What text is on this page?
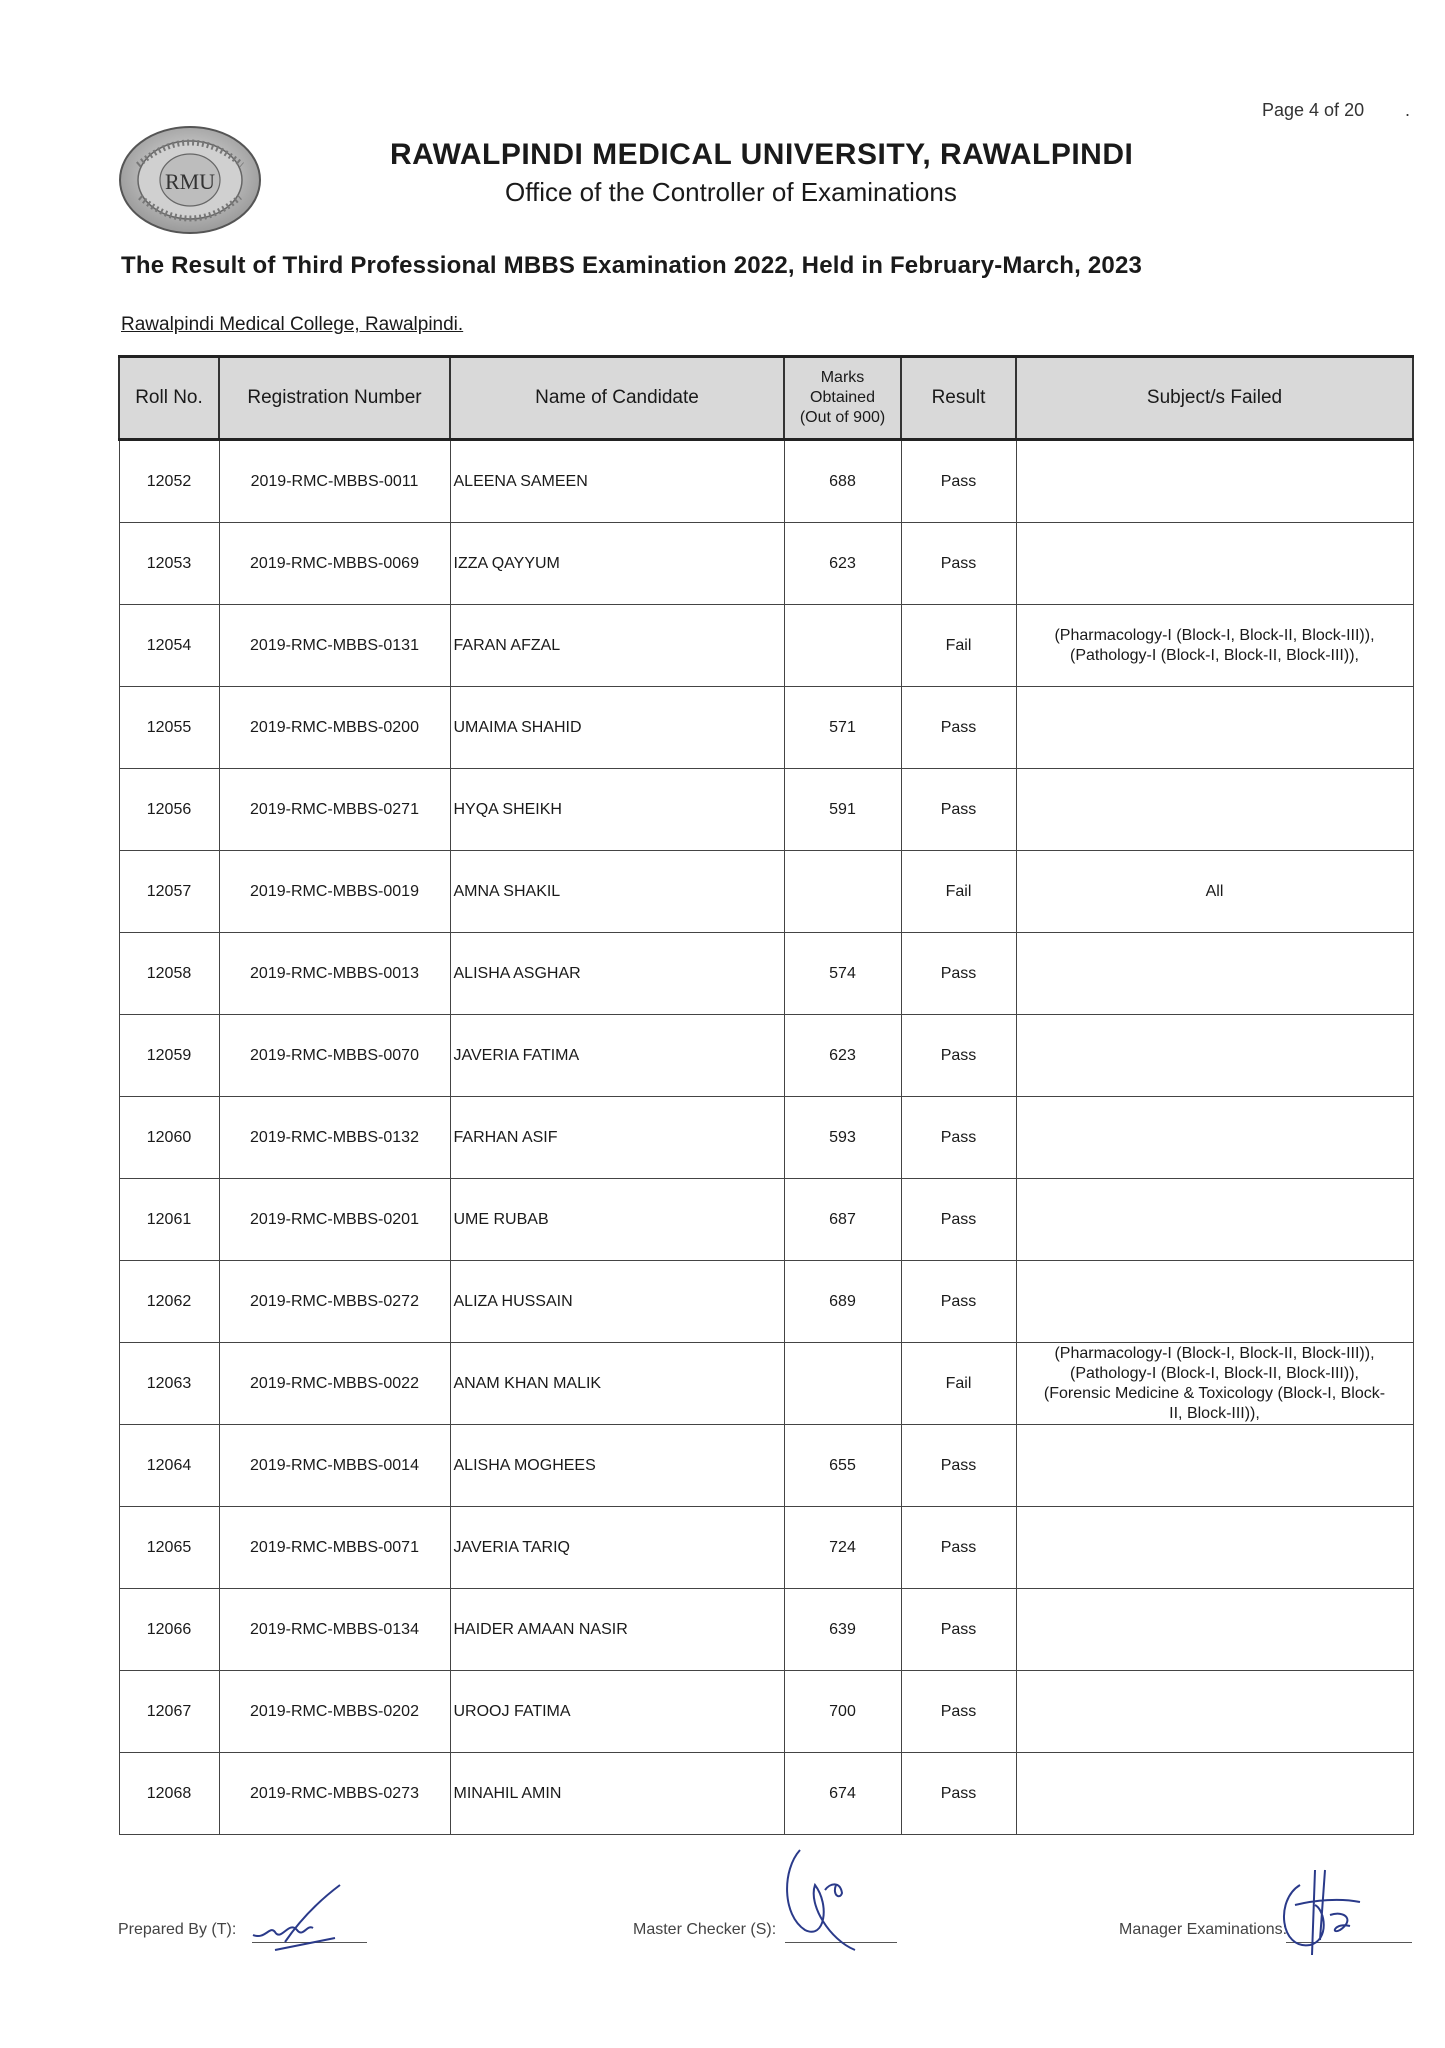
Page 4 of 20 .
RMU
RAWALPINDI MEDICAL UNIVERSITY, RAWALPINDI
Office of the Controller of Examinations
The Result of Third Professional MBBS Examination 2022, Held in February-March, 2023
Rawalpindi Medical College, Rawalpindi.
Roll No.	Registration Number	Name of Candidate	Marks
Obtained
(Out of 900)	Result	Subject/s Failed
12052	2019-RMC-MBBS-0011	ALEENA SAMEEN	688	Pass	

12053	2019-RMC-MBBS-0069	IZZA QAYYUM	623	Pass	

12054	2019-RMC-MBBS-0131	FARAN AFZAL		Fail	(Pharmacology-I (Block-I, Block-II, Block-III)),
(Pathology-I (Block-I, Block-II, Block-III)),

12055	2019-RMC-MBBS-0200	UMAIMA SHAHID	571	Pass	

12056	2019-RMC-MBBS-0271	HYQA SHEIKH	591	Pass	

12057	2019-RMC-MBBS-0019	AMNA SHAKIL		Fail	All

12058	2019-RMC-MBBS-0013	ALISHA ASGHAR	574	Pass	

12059	2019-RMC-MBBS-0070	JAVERIA FATIMA	623	Pass	

12060	2019-RMC-MBBS-0132	FARHAN ASIF	593	Pass	

12061	2019-RMC-MBBS-0201	UME RUBAB	687	Pass	

12062	2019-RMC-MBBS-0272	ALIZA HUSSAIN	689	Pass	

12063	2019-RMC-MBBS-0022	ANAM KHAN MALIK		Fail	(Pharmacology-I (Block-I, Block-II, Block-III)),
(Pathology-I (Block-I, Block-II, Block-III)),
(Forensic Medicine & Toxicology (Block-I, Block-
II, Block-III)),

12064	2019-RMC-MBBS-0014	ALISHA MOGHEES	655	Pass	

12065	2019-RMC-MBBS-0071	JAVERIA TARIQ	724	Pass	

12066	2019-RMC-MBBS-0134	HAIDER AMAAN NASIR	639	Pass	

12067	2019-RMC-MBBS-0202	UROOJ FATIMA	700	Pass	

12068	2019-RMC-MBBS-0273	MINAHIL AMIN	674	Pass	
Prepared By (T):	Master Checker (S):	Manager Examinations:
